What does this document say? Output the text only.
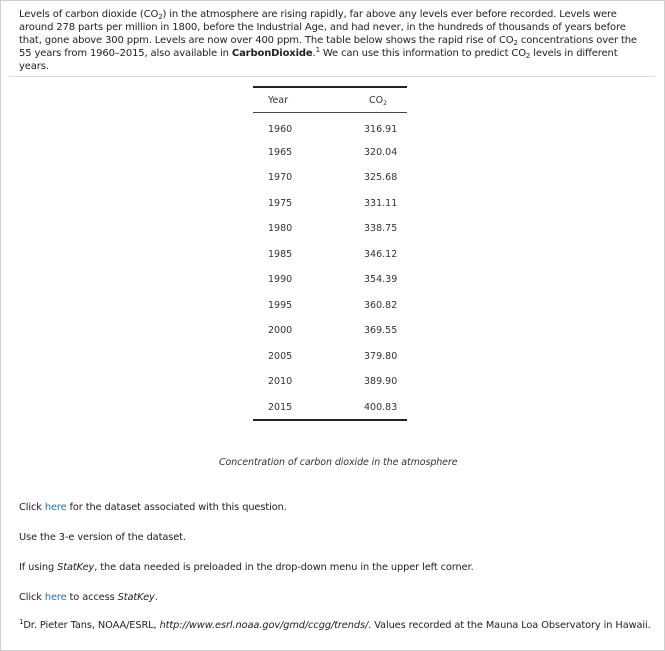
Levels of carbon dioxide $(CO_2)$ in the atmosphere are rising rapidly, far above any levels ever before recorded. Levels were around 278 parts per million in 1800, before the Industrial Age, and had never, in the hundreds of thousands of years before that, gone above 300 ppm. Levels are now over 400 ppm. The table below shows the rapid rise of $CO_2$ concentrations over the 55 years from 1960–2015, also available in CarbonDioxide.$^1$ We can use this information to predict $CO_2$ levels in different years.

Year	$CO_2$
1960	316.91
1965	320.04
1970	325.68
1975	331.11
1980	338.75
1985	346.12
1990	354.39
1995	360.82
2000	369.55
2005	379.80
2010	389.90
2015	400.83
Concentration of carbon dioxide in the atmosphere

Click here for the dataset associated with this question.

Use the 3-e version of the dataset.

If using StatKey, the data needed is preloaded in the drop-down menu in the upper left corner.

Click here to access StatKey.

$^1$Dr. Pieter Tans, NOAA/ESRL, http://www.esrl.noaa.gov/gmd/ccgg/trends/. Values recorded at the Mauna Loa Observatory in Hawaii.
